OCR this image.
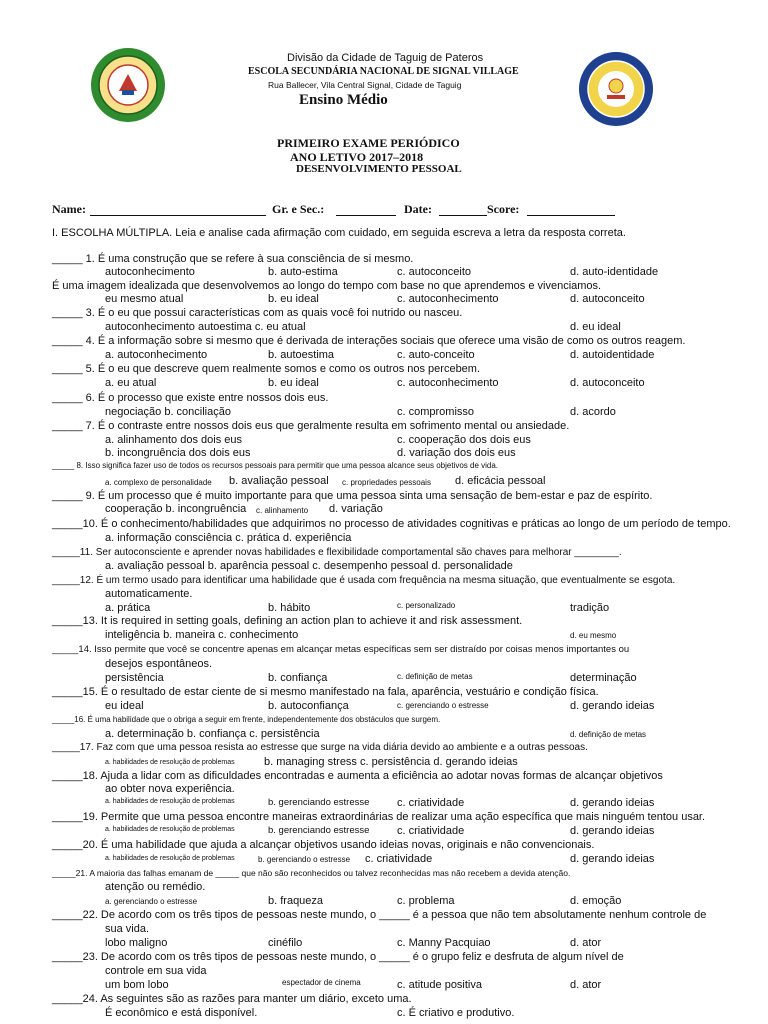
Divisão da Cidade de Taguig de Pateros
ESCOLA SECUNDÁRIA NACIONAL DE SIGNAL VILLAGE
Rua Ballecer, Vila Central Signal, Cidade de Taguig
Ensino Médio
PRIMEIRO EXAME PERIÓDICO
ANO LETIVO 2017–2018
DESENVOLVIMENTO PESSOAL
Name:	Gr. e Sec.:	Date:	Score:
I. ESCOLHA MÚLTIPLA. Leia e analise cada afirmação com cuidado, em seguida escreva a letra da resposta correta.
_____ 1. É uma construção que se refere à sua consciência de si mesmo.
autoconhecimento	b. auto-estima	c. autoconceito	d. auto-identidade
É uma imagem idealizada que desenvolvemos ao longo do tempo com base no que aprendemos e vivenciamos.
eu mesmo atual	b. eu ideal	c. autoconhecimento	d. autoconceito
_____ 3. É o eu que possui características com as quais você foi nutrido ou nasceu.
autoconhecimento autoestima c. eu atual	d. eu ideal
_____ 4. É a informação sobre si mesmo que é derivada de interações sociais que oferece uma visão de como os outros reagem.
a. autoconhecimento	b. autoestima	c. auto-conceito	d. autoidentidade
_____ 5. É o eu que descreve quem realmente somos e como os outros nos percebem.
a. eu atual	b. eu ideal	c. autoconhecimento	d. autoconceito
_____ 6. É o processo que existe entre nossos dois eus.
negociação b. conciliação	c. compromisso	d. acordo
_____ 7. É o contraste entre nossos dois eus que geralmente resulta em sofrimento mental ou ansiedade.
a. alinhamento dos dois eus	c. cooperação dos dois eus
b. incongruência dos dois eus	d. variação dos dois eus
_____ 8. Isso significa fazer uso de todos os recursos pessoais para permitir que uma pessoa alcance seus objetivos de vida.
a. complexo de personalidade b. avaliação pessoal c. propriedades pessoais d. eficácia pessoal
_____ 9. É um processo que é muito importante para que uma pessoa sinta uma sensação de bem-estar e paz de espírito.
cooperação b. incongruência c. alinhamento d. variação
_____10. É o conhecimento/habilidades que adquirimos no processo de atividades cognitivas e práticas ao longo de um período de tempo.
a. informação consciência c. prática d. experiência
_____11. Ser autoconsciente e aprender novas habilidades e flexibilidade comportamental são chaves para melhorar ________.
a. avaliação pessoal b. aparência pessoal c. desempenho pessoal d. personalidade
_____12. É um termo usado para identificar uma habilidade que é usada com frequência na mesma situação, que eventualmente se esgota.
automaticamente.
a. prática	b. hábito	c. personalizado	tradição
_____13. It is required in setting goals, defining an action plan to achieve it and risk assessment.
inteligência b. maneira c. conhecimento	d. eu mesmo
_____14. Isso permite que você se concentre apenas em alcançar metas específicas sem ser distraído por coisas menos importantes ou
desejos espontâneos.
persistência	b. confiança	c. definição de metas	determinação
_____15. É o resultado de estar ciente de si mesmo manifestado na fala, aparência, vestuário e condição física.
eu ideal	b. autoconfiança	c. gerenciando o estresse	d. gerando ideias
_____16. É uma habilidade que o obriga a seguir em frente, independentemente dos obstáculos que surgem.
a. determinação b. confiança c. persistência	d. definição de metas
_____17. Faz com que uma pessoa resista ao estresse que surge na vida diária devido ao ambiente e a outras pessoas.
a. habilidades de resolução de problemas	b. managing stress c. persistência d. gerando ideias
_____18. Ajuda a lidar com as dificuldades encontradas e aumenta a eficiência ao adotar novas formas de alcançar objetivos
ao obter nova experiência.
a. habilidades de resolução de problemas	b. gerenciando estresse	c. criatividade	d. gerando ideias
_____19. Permite que uma pessoa encontre maneiras extraordinárias de realizar uma ação específica que mais ninguém tentou usar.
a. habilidades de resolução de problemas	b. gerenciando estresse	c. criatividade	d. gerando ideias
_____20. É uma habilidade que ajuda a alcançar objetivos usando ideias novas, originais e não convencionais.
a. habilidades de resolução de problemas	b. gerenciando o estresse c. criatividade	d. gerando ideias
_____21. A maioria das falhas emanam de _____ que não são reconhecidos ou talvez reconhecidas mas não recebem a devida atenção.
atenção ou remédio.
a. gerenciando o estresse	b. fraqueza	c. problema	d. emoção
_____22. De acordo com os três tipos de pessoas neste mundo, o _____ é a pessoa que não tem absolutamente nenhum controle de
sua vida.
lobo maligno	cinéfilo	c. Manny Pacquiao	d. ator
_____23. De acordo com os três tipos de pessoas neste mundo, o _____ é o grupo feliz e desfruta de algum nível de
controle em sua vida
um bom lobo	espectador de cinema	c. atitude positiva	d. ator
_____24. As seguintes são as razões para manter um diário, exceto uma.
É econômico e está disponível.	c. É criativo e produtivo.
